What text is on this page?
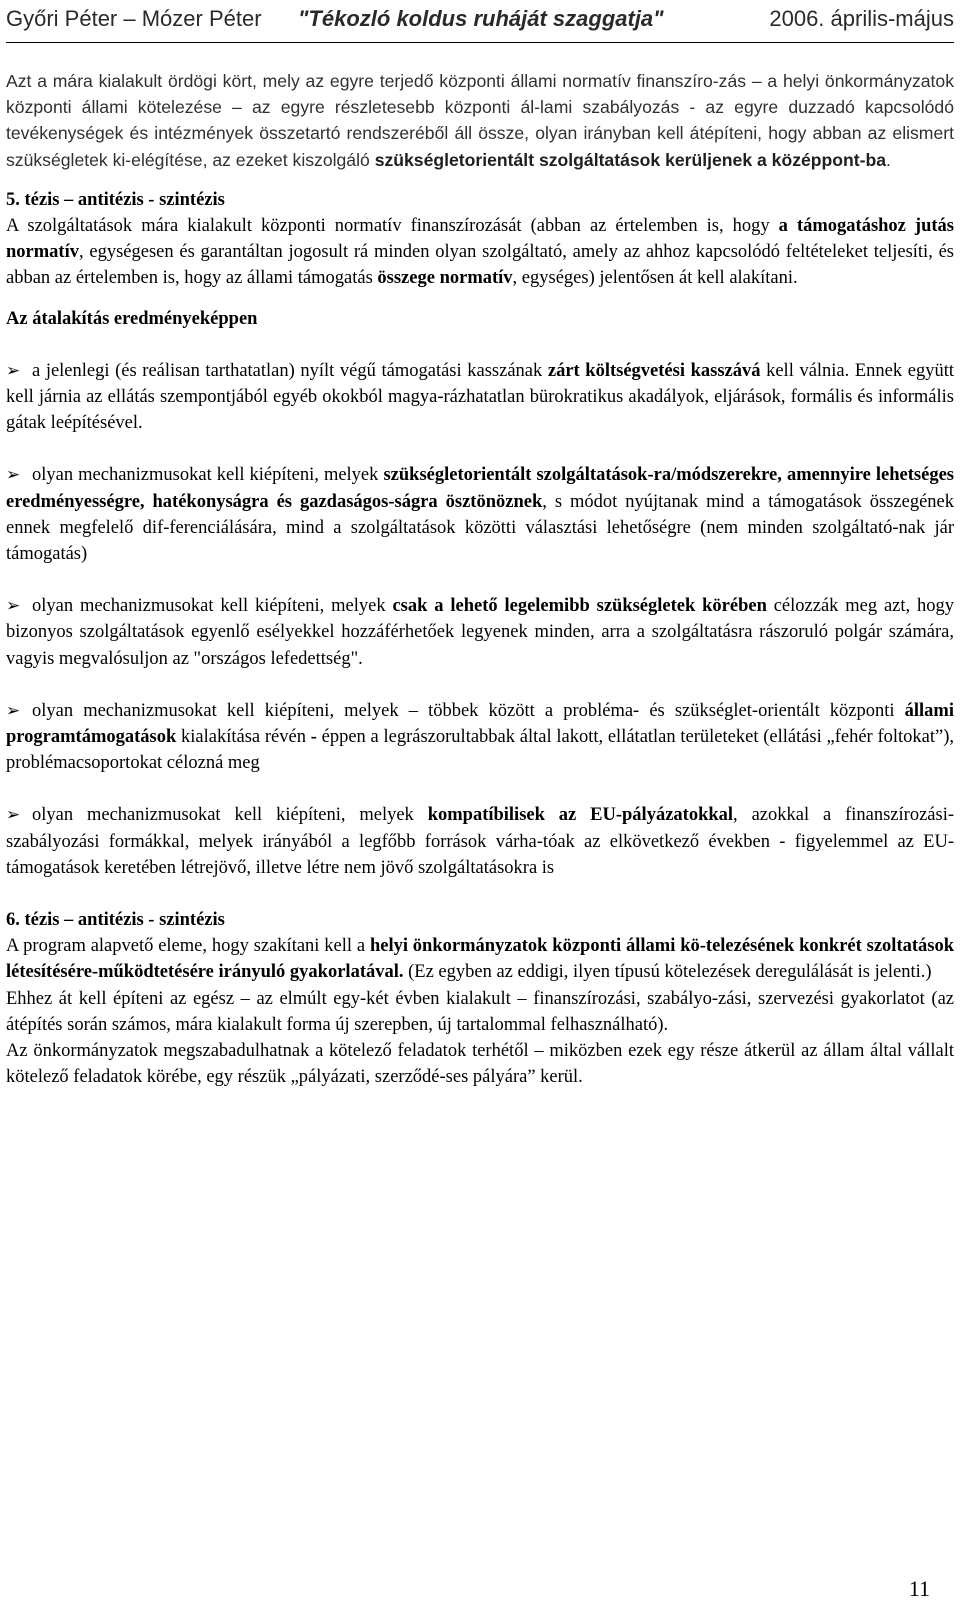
Győri Péter – Mózer Péter "Tékozló koldus ruháját szaggatja"	2006. április-május

Azt a mára kialakult ördögi kört, mely az egyre terjedő központi állami normatív finanszíro-zás – a helyi önkormányzatok központi állami kötelezése – az egyre részletesebb központi ál-lami szabályozás - az egyre duzzadó kapcsolódó tevékenységek és intézmények összetartó rendszeréből áll össze, olyan irányban kell átépíteni, hogy abban az elismert szükségletek ki-elégítése, az ezeket kiszolgáló szükségletorientált szolgáltatások kerüljenek a középpont-ba.

5. tézis – antitézis - szintézis

A szolgáltatások mára kialakult központi normatív finanszírozását (abban az értelemben is, hogy a támogatáshoz jutás normatív, egységesen és garantáltan jogosult rá minden olyan szolgáltató, amely az ahhoz kapcsolódó feltételeket teljesíti, és abban az értelemben is, hogy az állami támogatás összege normatív, egységes) jelentősen át kell alakítani.

Az átalakítás eredményeképpen

➢ a jelenlegi (és reálisan tarthatatlan) nyílt végű támogatási kasszának zárt költségvetési kasszává kell válnia. Ennek együtt kell járnia az ellátás szempontjából egyéb okokból magya-rázhatatlan bürokratikus akadályok, eljárások, formális és informális gátak leépítésével.

➢ olyan mechanizmusokat kell kiépíteni, melyek szükségletorientált szolgáltatások-ra/módszerekre, amennyire lehetséges eredményességre, hatékonyságra és gazdaságos-ságra ösztönöznek, s módot nyújtanak mind a támogatások összegének ennek megfelelő dif-ferenciálására, mind a szolgáltatások közötti választási lehetőségre (nem minden szolgáltató-nak jár támogatás)

➢ olyan mechanizmusokat kell kiépíteni, melyek csak a lehető legelemibb szükségletek körében célozzák meg azt, hogy bizonyos szolgáltatások egyenlő esélyekkel hozzáférhetőek legyenek minden, arra a szolgáltatásra rászoruló polgár számára, vagyis megvalósuljon az "országos lefedettség".

➢ olyan mechanizmusokat kell kiépíteni, melyek – többek között a probléma- és szükséglet-orientált központi állami programtámogatások kialakítása révén - éppen a legrászorultabbak által lakott, ellátatlan területeket (ellátási „fehér foltokat”), problémacsoportokat célozná meg

➢ olyan mechanizmusokat kell kiépíteni, melyek kompatíbilisek az EU-pályázatokkal, azokkal a finanszírozási-szabályozási formákkal, melyek irányából a legfőbb források várha-tóak az elkövetkező években - figyelemmel az EU-támogatások keretében létrejövő, illetve létre nem jövő szolgáltatásokra is

6. tézis – antitézis - szintézis

A program alapvető eleme, hogy szakítani kell a helyi önkormányzatok központi állami kö-telezésének konkrét szoltatások létesítésére-működtetésére irányuló gyakorlatával. (Ez egyben az eddigi, ilyen típusú kötelezések deregulálását is jelenti.)

Ehhez át kell építeni az egész – az elmúlt egy-két évben kialakult – finanszírozási, szabályo-zási, szervezési gyakorlatot (az átépítés során számos, mára kialakult forma új szerepben, új tartalommal felhasználható).

Az önkormányzatok megszabadulhatnak a kötelező feladatok terhétől – miközben ezek egy része átkerül az állam által vállalt kötelező feladatok körébe, egy részük „pályázati, szerződé-ses pályára” kerül.

11
